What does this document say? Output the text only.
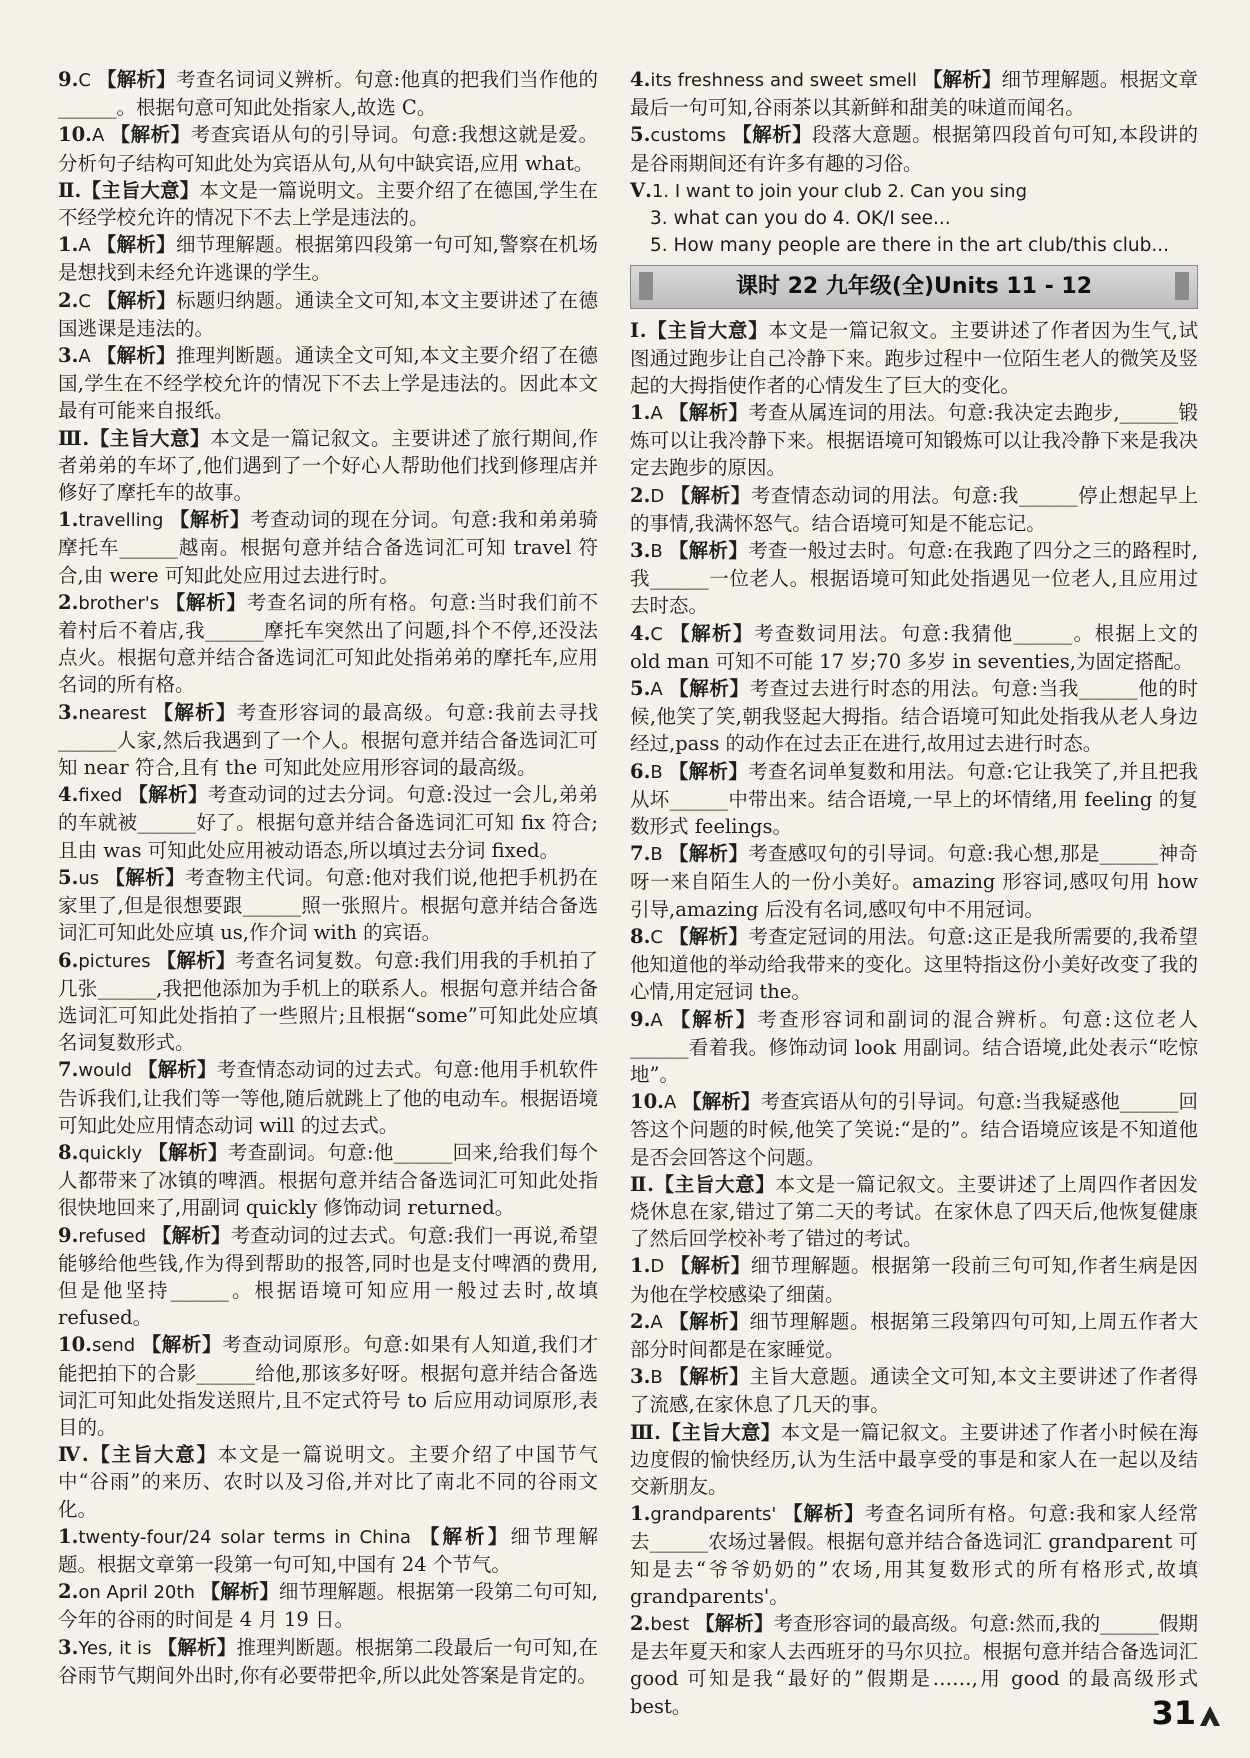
9.C 【 解析 】 考查名词词义辨析。句意:他真的把我们当作他的______。根据句意可知此处指家人,故选 C。

10.A 【 解析 】 考查宾语从句的引导词。句意:我想这就是爱。分析句子结构可知此处为宾语从句,从句中缺宾语,应用 what。

Ⅱ. 【 主旨大意 】 本文是一篇说明文。主要介绍了在德国,学生在不经学校允许的情况下不去上学是违法的。

1.A 【 解析 】 细节理解题。根据第四段第一句可知,警察在机场是想找到未经允许逃课的学生。

2.C 【 解析 】 标题归纳题。通读全文可知,本文主要讲述了在德国逃课是违法的。

3.A 【 解析 】 推理判断题。通读全文可知,本文主要介绍了在德国,学生在不经学校允许的情况下不去上学是违法的。因此本文最有可能来自报纸。

Ⅲ. 【 主旨大意 】 本文是一篇记叙文。主要讲述了旅行期间,作者弟弟的车坏了,他们遇到了一个好心人帮助他们找到修理店并修好了摩托车的故事。

1.travelling 【 解析 】 考查动词的现在分词。句意:我和弟弟骑摩托车______越南。根据句意并结合备选词汇可知 travel 符合,由 were 可知此处应用过去进行时。

2.brother's 【 解析 】 考查名词的所有格。句意:当时我们前不着村后不着店,我______摩托车突然出了问题,抖个不停,还没法点火。根据句意并结合备选词汇可知此处指弟弟的摩托车,应用名词的所有格。

3.nearest 【 解析 】 考查形容词的最高级。句意:我前去寻找______人家,然后我遇到了一个人。根据句意并结合备选词汇可知 near 符合,且有 the 可知此处应用形容词的最高级。

4.fixed 【 解析 】 考查动词的过去分词。句意:没过一会儿,弟弟的车就被______好了。根据句意并结合备选词汇可知 fix 符合;且由 was 可知此处应用被动语态,所以填过去分词 fixed。

5.us 【 解析 】 考查物主代词。句意:他对我们说,他把手机扔在家里了,但是很想要跟______照一张照片。根据句意并结合备选词汇可知此处应填 us,作介词 with 的宾语。

6.pictures 【 解析 】 考查名词复数。句意:我们用我的手机拍了几张______,我把他添加为手机上的联系人。根据句意并结合备选词汇可知此处指拍了一些照片;且根据“some”可知此处应填名词复数形式。

7.would 【 解析 】 考查情态动词的过去式。句意:他用手机软件告诉我们,让我们等一等他,随后就跳上了他的电动车。根据语境可知此处应用情态动词 will 的过去式。

8.quickly 【 解析 】 考查副词。句意:他______回来,给我们每个人都带来了冰镇的啤酒。根据句意并结合备选词汇可知此处指很快地回来了,用副词 quickly 修饰动词 returned。

9.refused 【 解析 】 考查动词的过去式。句意:我们一再说,希望能够给他些钱,作为得到帮助的报答,同时也是支付啤酒的费用,但是他坚持______。根据语境可知应用一般过去时,故填 refused。

10.send 【 解析 】 考查动词原形。句意:如果有人知道,我们才能把拍下的合影______给他,那该多好呀。根据句意并结合备选词汇可知此处指发送照片,且不定式符号 to 后应用动词原形,表目的。

Ⅳ. 【 主旨大意 】 本文是一篇说明文。主要介绍了中国节气中“谷雨”的来历、农时以及习俗,并对比了南北不同的谷雨文化。

1.twenty-four/24 solar terms in China 【 解析 】 细节理解题。根据文章第一段第一句可知,中国有 24 个节气。

2.on April 20th 【 解析 】 细节理解题。根据第一段第二句可知,今年的谷雨的时间是 4 月 19 日。

3.Yes, it is 【 解析 】 推理判断题。根据第二段最后一句可知,在谷雨节气期间外出时,你有必要带把伞,所以此处答案是肯定的。

4.its freshness and sweet smell 【 解析 】 细节理解题。根据文章最后一句可知,谷雨茶以其新鲜和甜美的味道而闻名。

5.customs 【 解析 】 段落大意题。根据第四段首句可知,本段讲的是谷雨期间还有许多有趣的习俗。

Ⅴ.1. I want to join your club 2. Can you sing
3. what can you do 4. OK/I see...
5. How many people are there in the art club/this club...
课时 22 九年级(全)Units 11 - 12

Ⅰ. 【 主旨大意 】 本文是一篇记叙文。主要讲述了作者因为生气,试图通过跑步让自己冷静下来。跑步过程中一位陌生老人的微笑及竖起的大拇指使作者的心情发生了巨大的变化。

1.A 【 解析 】 考查从属连词的用法。句意:我决定去跑步,______锻炼可以让我冷静下来。根据语境可知锻炼可以让我冷静下来是我决定去跑步的原因。

2.D 【 解析 】 考查情态动词的用法。句意:我______停止想起早上的事情,我满怀怒气。结合语境可知是不能忘记。

3.B 【 解析 】 考查一般过去时。句意:在我跑了四分之三的路程时,我______一位老人。根据语境可知此处指遇见一位老人,且应用过去时态。

4.C 【 解析 】 考查数词用法。句意:我猜他______。根据上文的 old man 可知不可能 17 岁;70 多岁 in seventies,为固定搭配。

5.A 【 解析 】 考查过去进行时态的用法。句意:当我______他的时候,他笑了笑,朝我竖起大拇指。结合语境可知此处指我从老人身边经过,pass 的动作在过去正在进行,故用过去进行时态。

6.B 【 解析 】 考查名词单复数和用法。句意:它让我笑了,并且把我从坏______中带出来。结合语境,一早上的坏情绪,用 feeling 的复数形式 feelings。

7.B 【 解析 】 考查感叹句的引导词。句意:我心想,那是______神奇呀一来自陌生人的一份小美好。amazing 形容词,感叹句用 how 引导,amazing 后没有名词,感叹句中不用冠词。

8.C 【 解析 】 考查定冠词的用法。句意:这正是我所需要的,我希望他知道他的举动给我带来的变化。这里特指这份小美好改变了我的心情,用定冠词 the。

9.A 【 解析 】 考查形容词和副词的混合辨析。句意:这位老人______看着我。修饰动词 look 用副词。结合语境,此处表示“吃惊地”。

10.A 【 解析 】 考查宾语从句的引导词。句意:当我疑惑他______回答这个问题的时候,他笑了笑说:“是的”。结合语境应该是不知道他是否会回答这个问题。

Ⅱ. 【 主旨大意 】 本文是一篇记叙文。主要讲述了上周四作者因发烧休息在家,错过了第二天的考试。在家休息了四天后,他恢复健康了然后回学校补考了错过的考试。

1.D 【 解析 】 细节理解题。根据第一段前三句可知,作者生病是因为他在学校感染了细菌。

2.A 【 解析 】 细节理解题。根据第三段第四句可知,上周五作者大部分时间都是在家睡觉。

3.B 【 解析 】 主旨大意题。通读全文可知,本文主要讲述了作者得了流感,在家休息了几天的事。

Ⅲ. 【 主旨大意 】 本文是一篇记叙文。主要讲述了作者小时候在海边度假的愉快经历,认为生活中最享受的事是和家人在一起以及结交新朋友。

1.grandparents' 【 解析 】 考查名词所有格。句意:我和家人经常去______农场过暑假。根据句意并结合备选词汇 grandparent 可知是去“爷爷奶奶的”农场,用其复数形式的所有格形式,故填 grandparents'。

2.best 【 解析 】 考查形容词的最高级。句意:然而,我的______假期是去年夏天和家人去西班牙的马尔贝拉。根据句意并结合备选词汇 good 可知是我“最好的”假期是……,用 good 的最高级形式 best。	31
